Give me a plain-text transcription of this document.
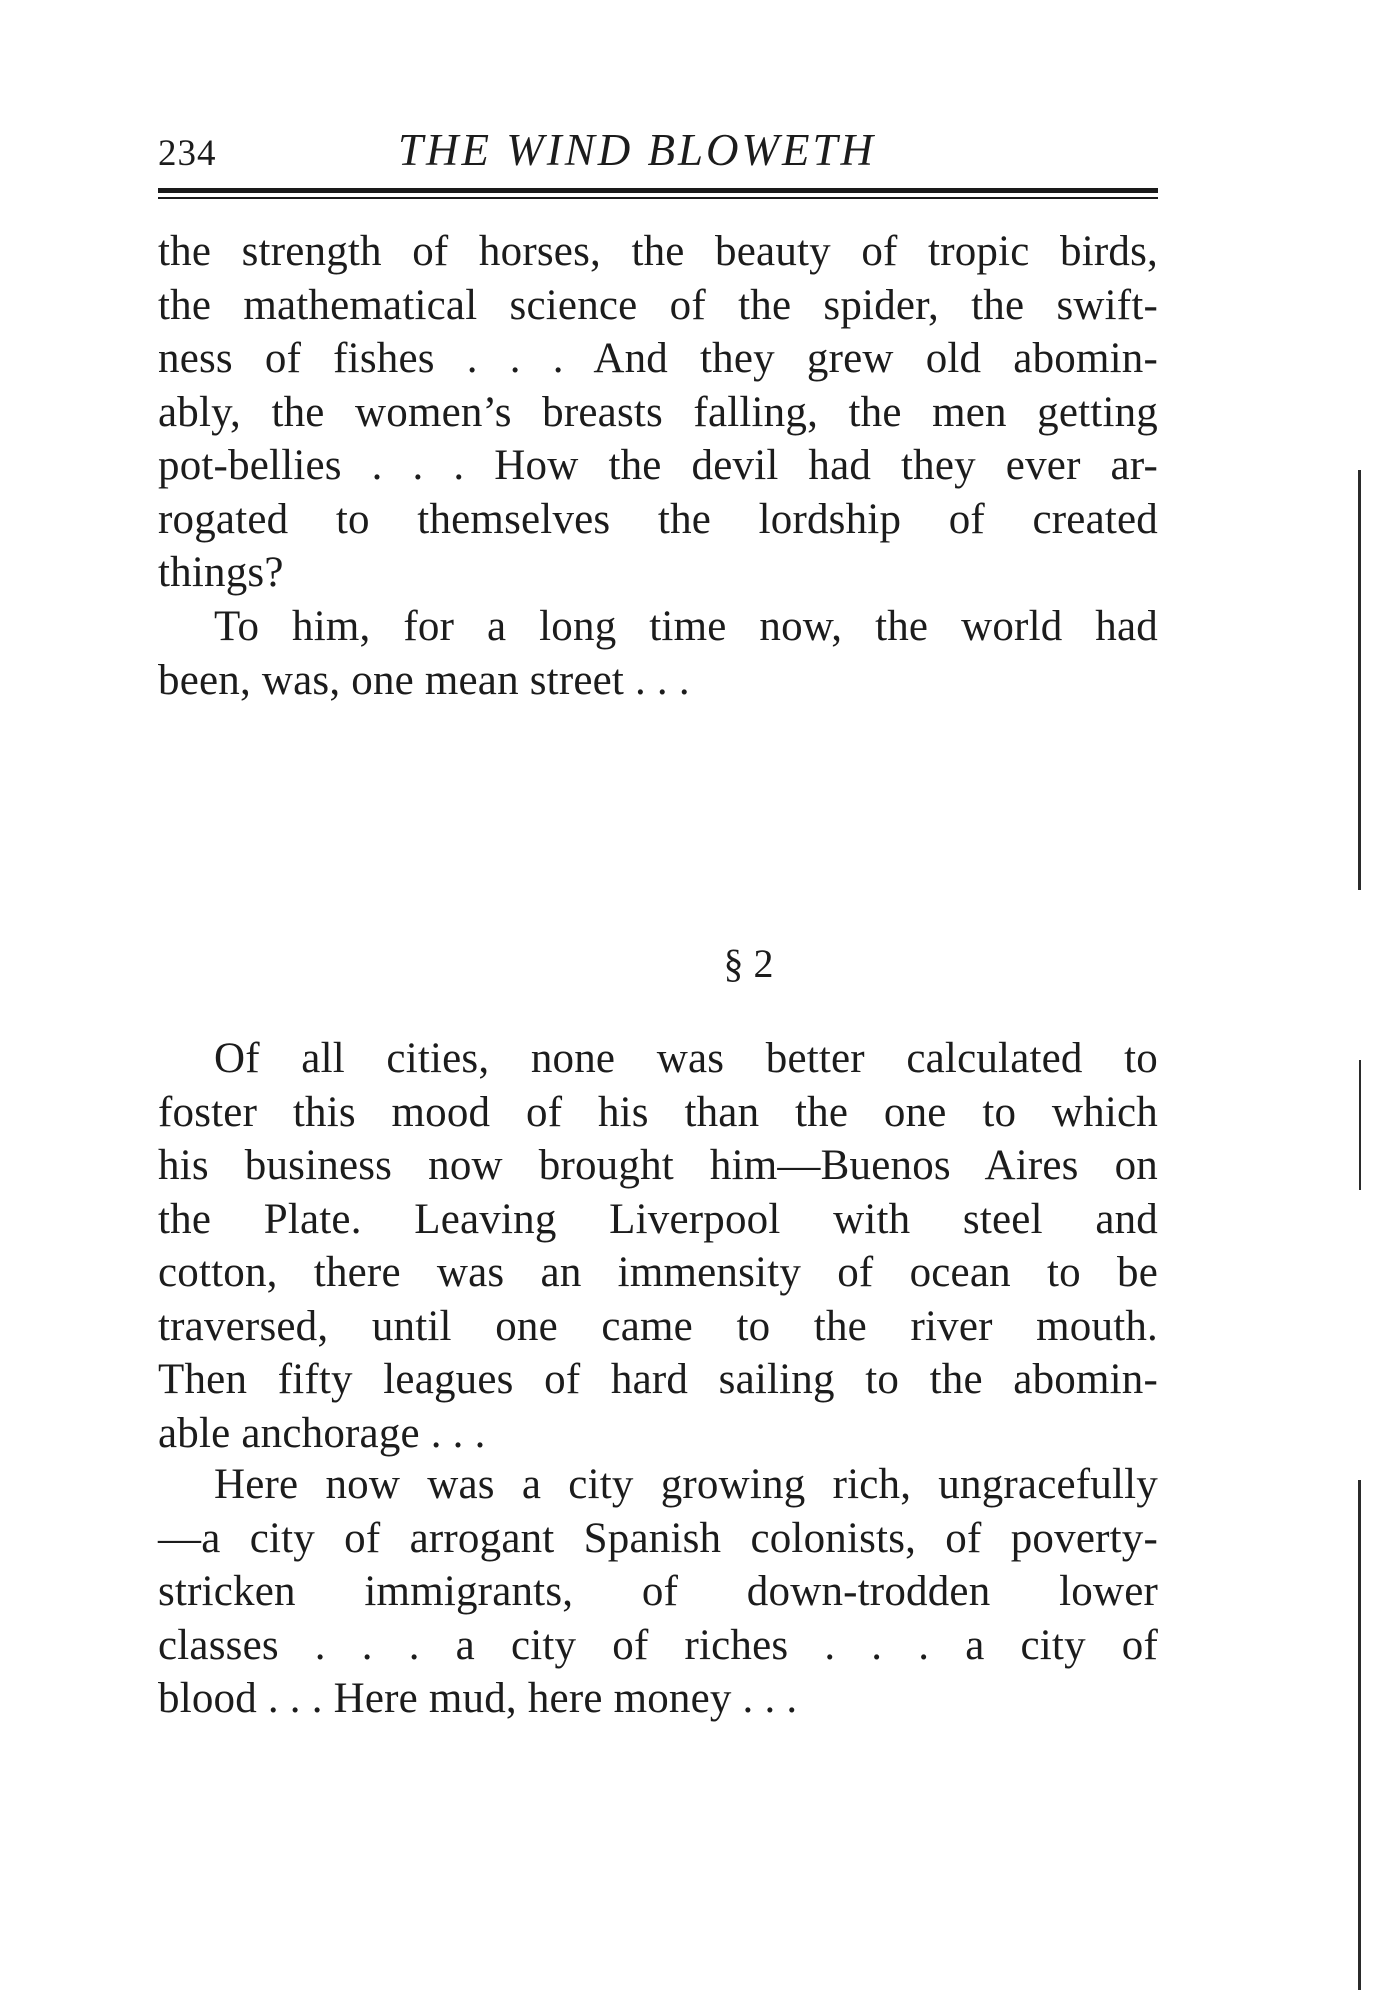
234	THE WIND BLOWETH
the strength of horses, the beauty of tropic birds,
the mathematical science of the spider, the swift-
ness of fishes . . . And they grew old abomin-
ably, the women’s breasts falling, the men getting
pot-bellies . . . How the devil had they ever ar-
rogated to themselves the lordship of created
things?
To him, for a long time now, the world had
been, was, one mean street . . .
§ 2
Of all cities, none was better calculated to
foster this mood of his than the one to which
his business now brought him—Buenos Aires on
the Plate. Leaving Liverpool with steel and
cotton, there was an immensity of ocean to be
traversed, until one came to the river mouth.
Then fifty leagues of hard sailing to the abomin-
able anchorage . . .
Here now was a city growing rich, ungracefully
—a city of arrogant Spanish colonists, of poverty-
stricken immigrants, of down-trodden lower
classes . . . a city of riches . . . a city of
blood . . . Here mud, here money . . .
